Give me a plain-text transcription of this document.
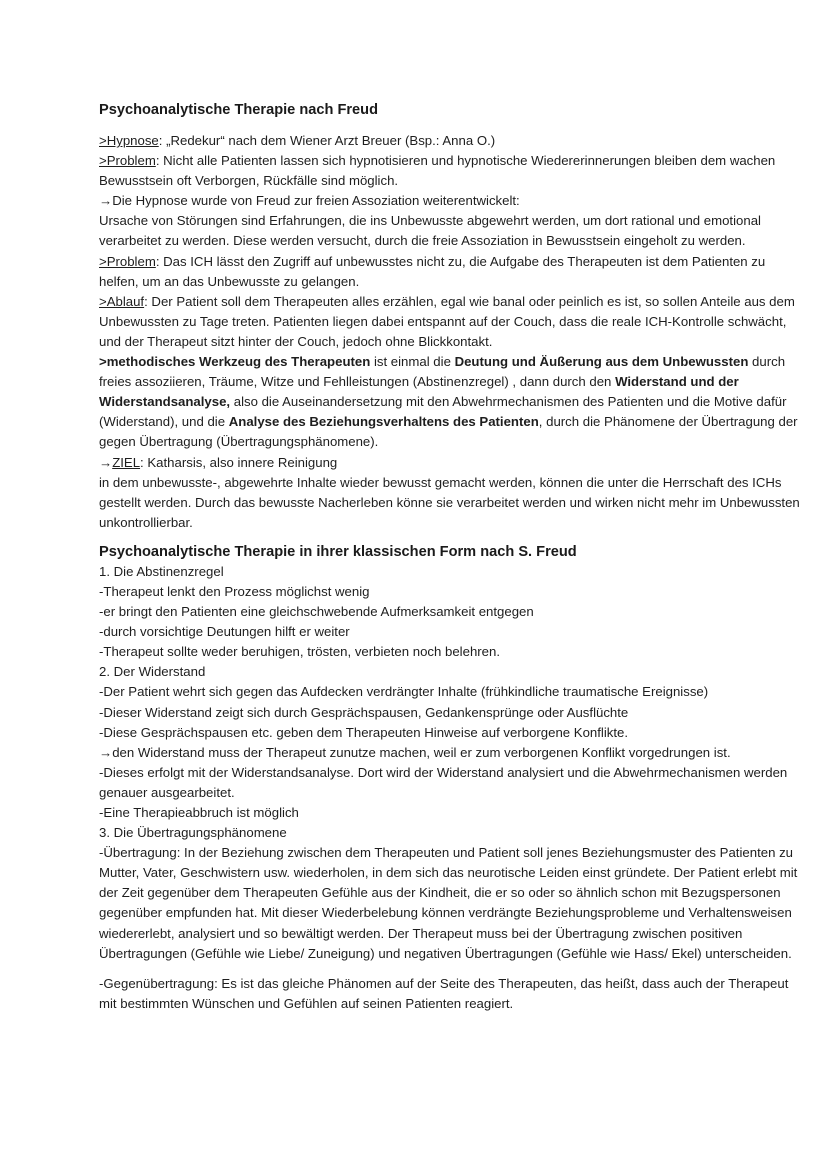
Psychoanalytische Therapie nach Freud

>Hypnose: „Redekur“ nach dem Wiener Arzt Breuer (Bsp.: Anna O.)

>Problem: Nicht alle Patienten lassen sich hypnotisieren und hypnotische Wiedererinnerungen bleiben dem wachen Bewusstsein oft Verborgen, Rückfälle sind möglich.

→Die Hypnose wurde von Freud zur freien Assoziation weiterentwickelt:

Ursache von Störungen sind Erfahrungen, die ins Unbewusste abgewehrt werden, um dort rational und emotional verarbeitet zu werden. Diese werden versucht, durch die freie Assoziation in Bewusstsein eingeholt zu werden.

>Problem: Das ICH lässt den Zugriff auf unbewusstes nicht zu, die Aufgabe des Therapeuten ist dem Patienten zu helfen, um an das Unbewusste zu gelangen.

>Ablauf: Der Patient soll dem Therapeuten alles erzählen, egal wie banal oder peinlich es ist, so sollen Anteile aus dem Unbewussten zu Tage treten. Patienten liegen dabei entspannt auf der Couch, dass die reale ICH-Kontrolle schwächt, und der Therapeut sitzt hinter der Couch, jedoch ohne Blickkontakt.

>methodisches Werkzeug des Therapeuten ist einmal die Deutung und Äußerung aus dem Unbewussten durch freies assoziieren, Träume, Witze und Fehlleistungen (Abstinenzregel) , dann durch den Widerstand und der Widerstandsanalyse, also die Auseinandersetzung mit den Abwehrmechanismen des Patienten und die Motive dafür (Widerstand), und die Analyse des Beziehungsverhaltens des Patienten, durch die Phänomene der Übertragung der gegen Übertragung (Übertragungsphänomene).

→ZIEL: Katharsis, also innere Reinigung

in dem unbewusste-, abgewehrte Inhalte wieder bewusst gemacht werden, können die unter die Herrschaft des ICHs gestellt werden. Durch das bewusste Nacherleben könne sie verarbeitet werden und wirken nicht mehr im Unbewussten unkontrollierbar.

Psychoanalytische Therapie in ihrer klassischen Form nach S. Freud

1. Die Abstinenzregel

-Therapeut lenkt den Prozess möglichst wenig

-er bringt den Patienten eine gleichschwebende Aufmerksamkeit entgegen

-durch vorsichtige Deutungen hilft er weiter

-Therapeut sollte weder beruhigen, trösten, verbieten noch belehren.

2. Der Widerstand

-Der Patient wehrt sich gegen das Aufdecken verdrängter Inhalte (frühkindliche traumatische Ereignisse)

-Dieser Widerstand zeigt sich durch Gesprächspausen, Gedankensprünge oder Ausflüchte

-Diese Gesprächspausen etc. geben dem Therapeuten Hinweise auf verborgene Konflikte.

→den Widerstand muss der Therapeut zunutze machen, weil er zum verborgenen Konflikt vorgedrungen ist.

-Dieses erfolgt mit der Widerstandsanalyse. Dort wird der Widerstand analysiert und die Abwehrmechanismen werden genauer ausgearbeitet.

-Eine Therapieabbruch ist möglich

3. Die Übertragungsphänomene

-Übertragung: In der Beziehung zwischen dem Therapeuten und Patient soll jenes Beziehungsmuster des Patienten zu Mutter, Vater, Geschwistern usw. wiederholen, in dem sich das neurotische Leiden einst gründete. Der Patient erlebt mit der Zeit gegenüber dem Therapeuten Gefühle aus der Kindheit, die er so oder so ähnlich schon mit Bezugspersonen gegenüber empfunden hat. Mit dieser Wiederbelebung können verdrängte Beziehungsprobleme und Verhaltensweisen wiedererlebt, analysiert und so bewältigt werden. Der Therapeut muss bei der Übertragung zwischen positiven Übertragungen (Gefühle wie Liebe/ Zuneigung) und negativen Übertragungen (Gefühle wie Hass/ Ekel) unterscheiden.

-Gegenübertragung: Es ist das gleiche Phänomen auf der Seite des Therapeuten, das heißt, dass auch der Therapeut mit bestimmten Wünschen und Gefühlen auf seinen Patienten reagiert.
